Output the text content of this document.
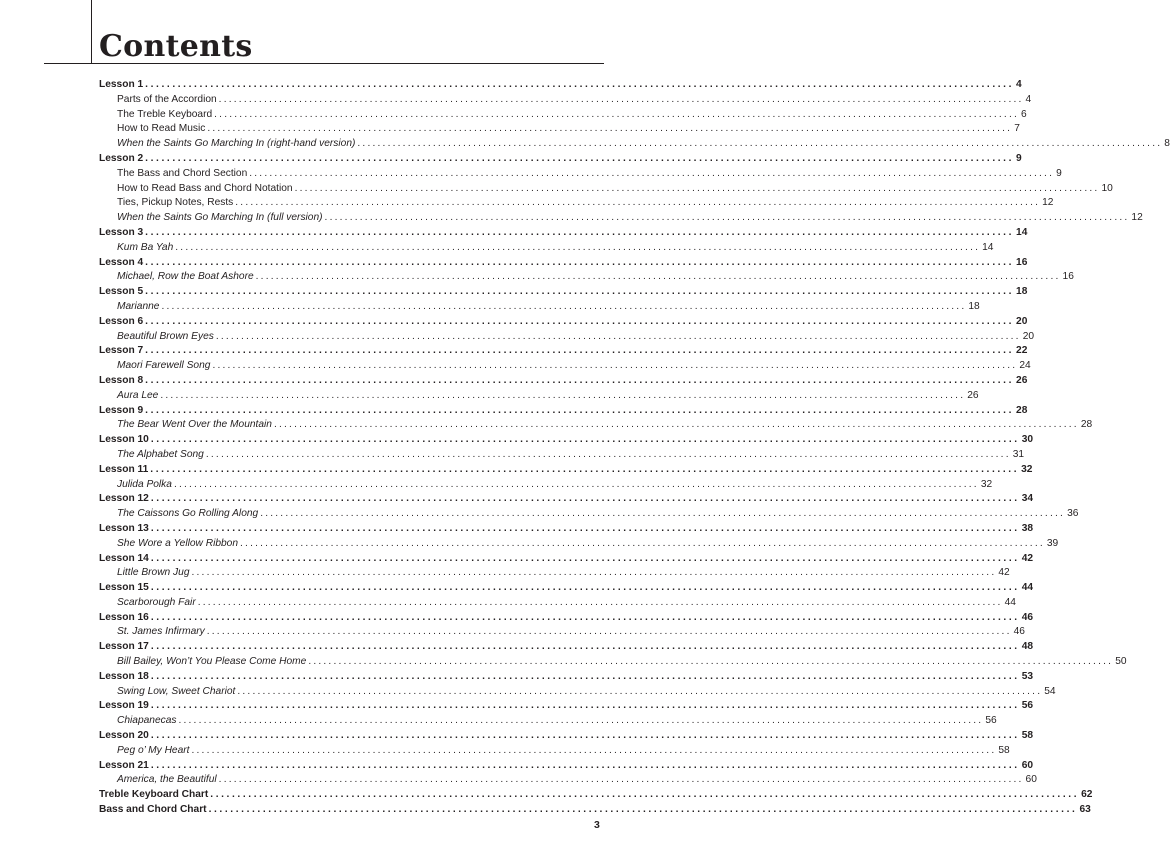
Contents
Lesson 1 ................................................................................................................................................................ 4
Parts of the Accordion ................................................................................................................................................................ 4
The Treble Keyboard ................................................................................................................................................................ 6
How to Read Music ................................................................................................................................................................ 7
When the Saints Go Marching In (right-hand version) ................................................................................................................................................................ 8
Lesson 2 ................................................................................................................................................................ 9
The Bass and Chord Section ................................................................................................................................................................ 9
How to Read Bass and Chord Notation ................................................................................................................................................................ 10
Ties, Pickup Notes, Rests ................................................................................................................................................................ 12
When the Saints Go Marching In (full version) ................................................................................................................................................................ 12
Lesson 3 ................................................................................................................................................................ 14
Kum Ba Yah ................................................................................................................................................................ 14
Lesson 4 ................................................................................................................................................................ 16
Michael, Row the Boat Ashore ................................................................................................................................................................ 16
Lesson 5 ................................................................................................................................................................ 18
Marianne ................................................................................................................................................................ 18
Lesson 6 ................................................................................................................................................................ 20
Beautiful Brown Eyes ................................................................................................................................................................ 20
Lesson 7 ................................................................................................................................................................ 22
Maori Farewell Song ................................................................................................................................................................ 24
Lesson 8 ................................................................................................................................................................ 26
Aura Lee ................................................................................................................................................................ 26
Lesson 9 ................................................................................................................................................................ 28
The Bear Went Over the Mountain ................................................................................................................................................................ 28
Lesson 10 ................................................................................................................................................................ 30
The Alphabet Song ................................................................................................................................................................ 31
Lesson 11 ................................................................................................................................................................ 32
Julida Polka ................................................................................................................................................................ 32
Lesson 12 ................................................................................................................................................................ 34
The Caissons Go Rolling Along ................................................................................................................................................................ 36
Lesson 13 ................................................................................................................................................................ 38
She Wore a Yellow Ribbon ................................................................................................................................................................ 39
Lesson 14 ................................................................................................................................................................ 42
Little Brown Jug ................................................................................................................................................................ 42
Lesson 15 ................................................................................................................................................................ 44
Scarborough Fair ................................................................................................................................................................ 44
Lesson 16 ................................................................................................................................................................ 46
St. James Infirmary ................................................................................................................................................................ 46
Lesson 17 ................................................................................................................................................................ 48
Bill Bailey, Won’t You Please Come Home ................................................................................................................................................................ 50
Lesson 18 ................................................................................................................................................................ 53
Swing Low, Sweet Chariot ................................................................................................................................................................ 54
Lesson 19 ................................................................................................................................................................ 56
Chiapanecas ................................................................................................................................................................ 56
Lesson 20 ................................................................................................................................................................ 58
Peg o’ My Heart ................................................................................................................................................................ 58
Lesson 21 ................................................................................................................................................................ 60
America, the Beautiful ................................................................................................................................................................ 60
Treble Keyboard Chart ................................................................................................................................................................ 62
Bass and Chord Chart ................................................................................................................................................................ 63
3
